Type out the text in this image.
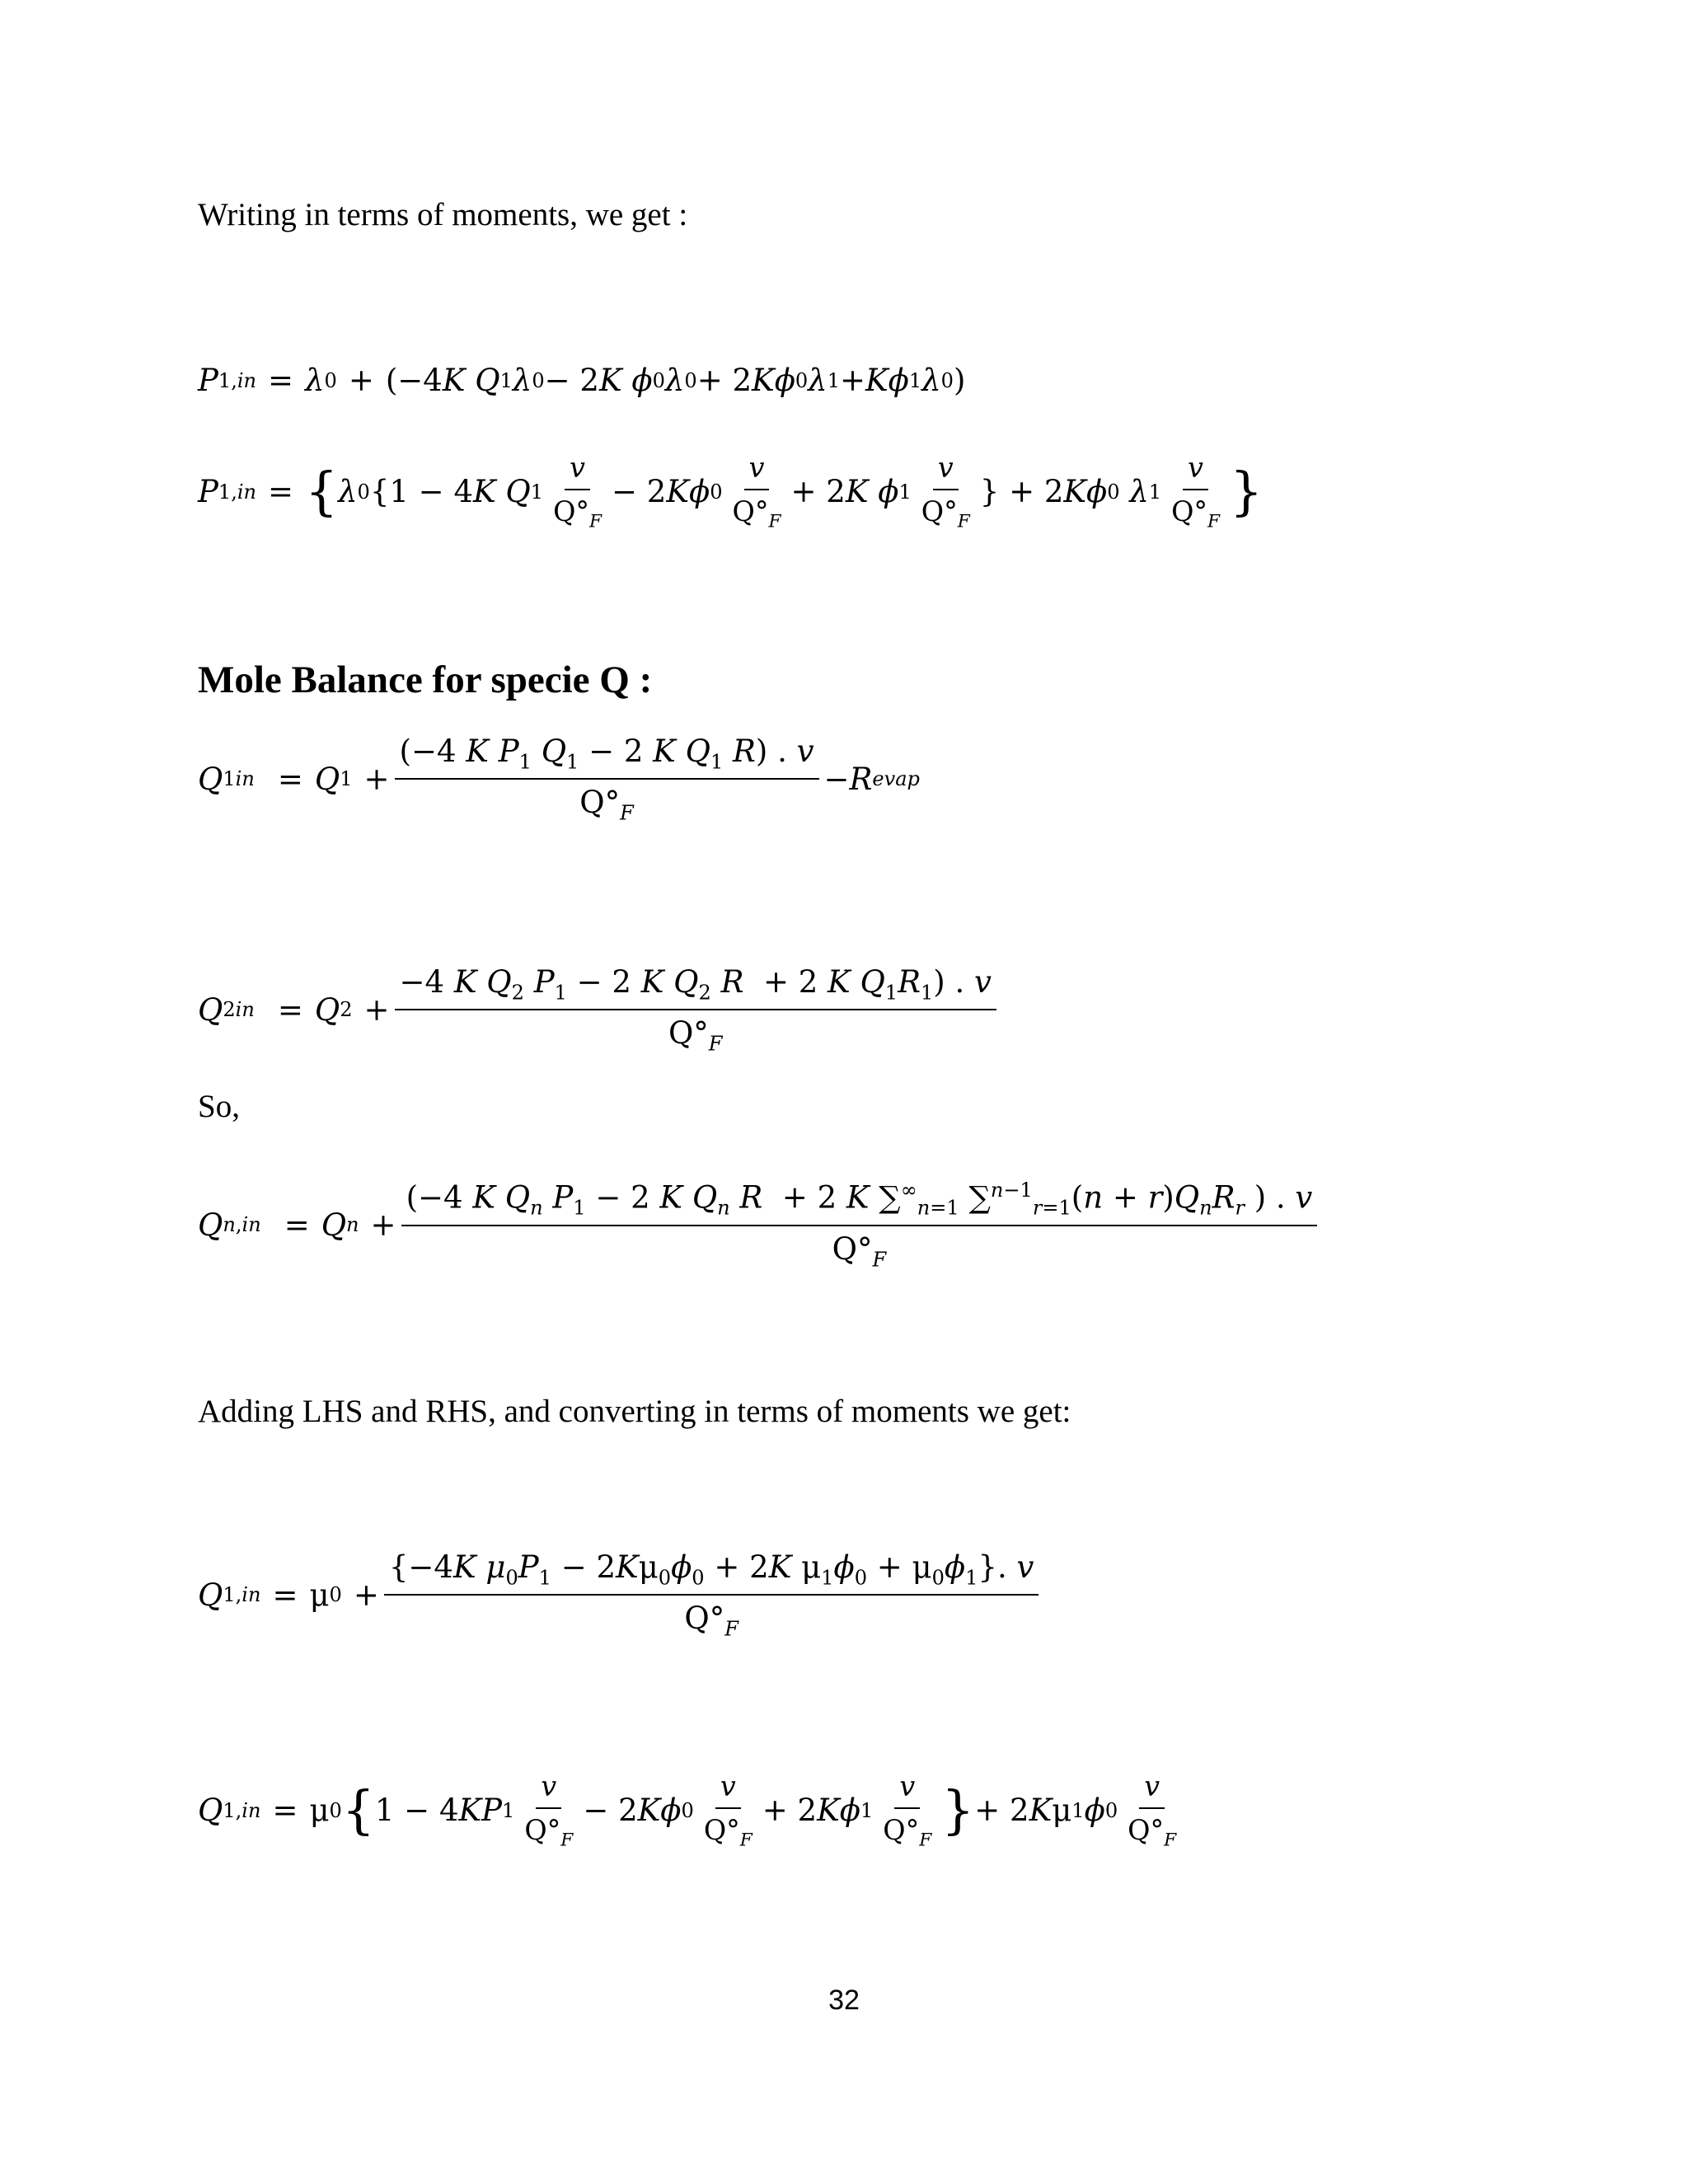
Writing in terms of moments, we get :
P 1,in = λ 0 +
(−4 K
Q 1 λ 0 − 2 K
ϕ 0 λ 0 + 2 K ϕ 0 λ 1 + K ϕ 1 λ 0 )
P 1,in = { λ 0 {1 − 4 K
Q $1 \frac{v}{Q^\circ_F} - 2$ Kϕ $0 \frac{v}{Q^\circ_F} + 2$ K
ϕ $1 \frac{v}{Q^\circ_F}$ } + 2 Kϕ 0
λ $1 \frac{v}{Q^\circ_F}$ }
Mole Balance for specie Q :
Q 1in = Q $1 + \frac{(-4 K P_1 Q_1 - 2 K Q_1 R) . v}{Q^\circ_F} - R$ evap
Q 2in = Q $2 + \frac{-4 K Q_2 P_1 - 2 K Q_2 R + 2 K Q_1R_1) . v}{Q^\circ_F}$
So,
Q n,in = Q $n + \frac{(-4 K Q_n P_1 - 2 K Q_n R + 2 K \sum^\infty_{n=1} \sum^{n-1}_{r=1}(n + r)Q_nR_r ) . v}{Q^\circ_F}$
Adding LHS and RHS, and converting in terms of moments we get:
Q 1,in = μ $0 + \frac{\{-4K \mu_0P_1 - 2K\mu_0\phi_0 + 2K \mu_1\phi_0 + \mu_0\phi_1\}. v}{Q^\circ_F}$
Q 1,in = μ 0 { 1 − 4 KP $1 \frac{v}{Q^\circ_F} - 2$ Kϕ $0 \frac{v}{Q^\circ_F} + 2$ Kϕ $1 \frac{v}{Q^\circ_F}$ } + 2 K μ 1 ϕ $0 \frac{v}{Q^\circ_F}$
32
